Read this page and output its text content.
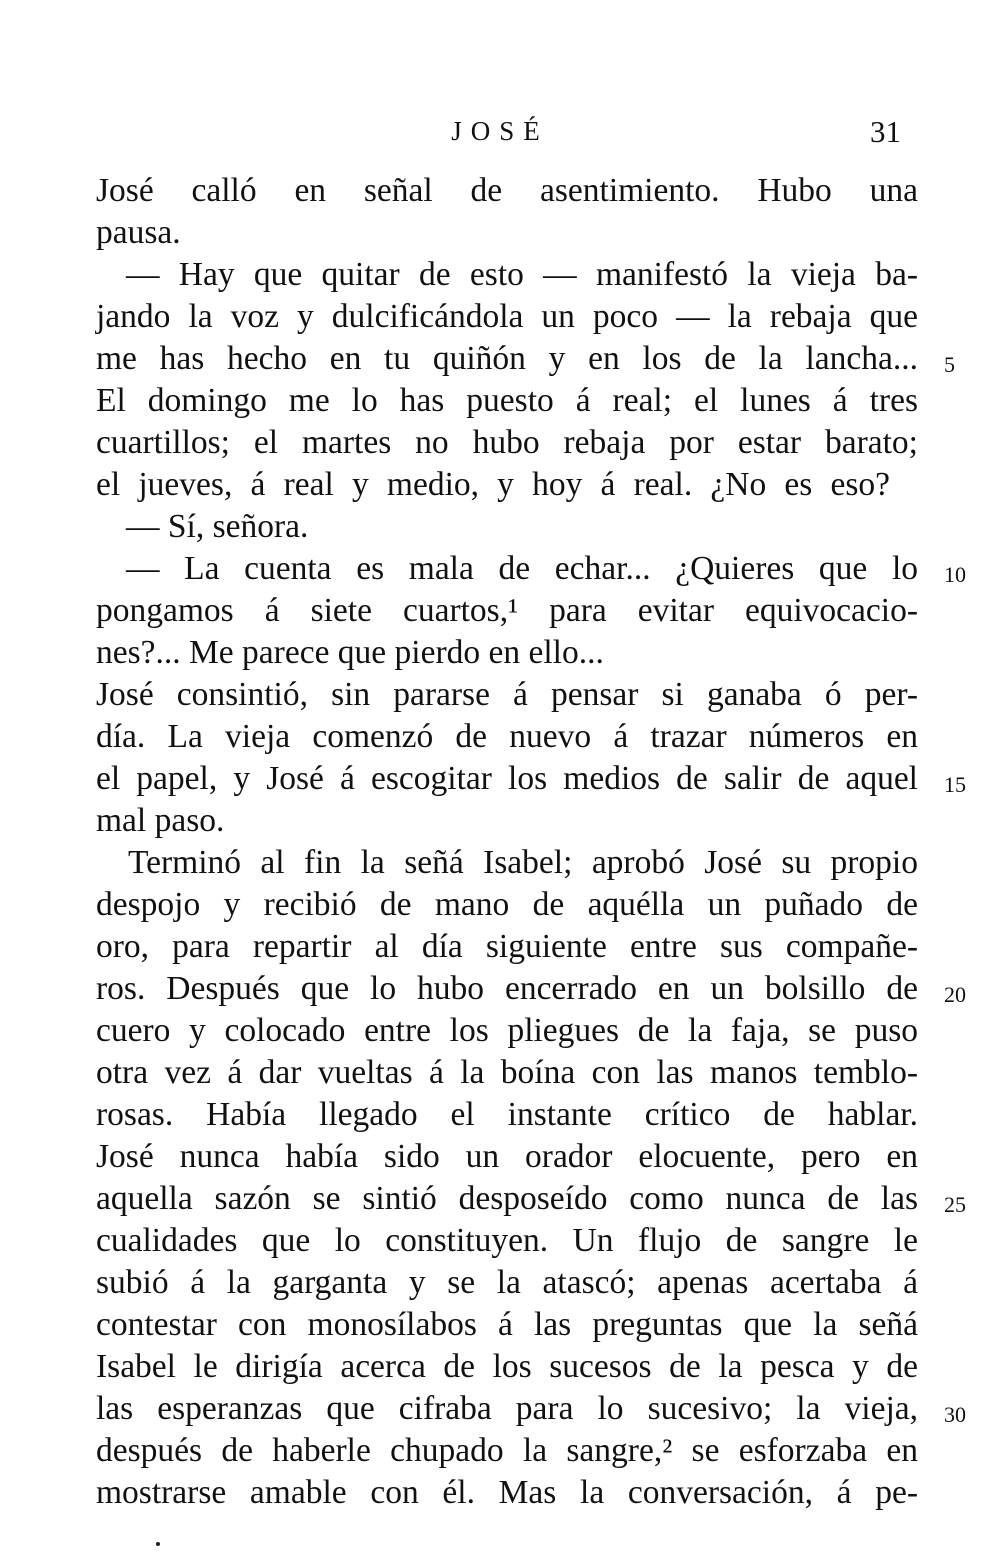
JOSÉ	31
José calló en señal de asentimiento. Hubo una
pausa.
— Hay que quitar de esto — manifestó la vieja ba-
jando la voz y dulcificándola un poco — la rebaja que
me has hecho en tu quiñón y en los de la lancha...
El domingo me lo has puesto á real; el lunes á tres
cuartillos; el martes no hubo rebaja por estar barato;
el jueves, á real y medio, y hoy á real. ¿No es eso?
— Sí, señora.
— La cuenta es mala de echar... ¿Quieres que lo
pongamos á siete cuartos,¹ para evitar equivocacio-
nes?... Me parece que pierdo en ello...
José consintió, sin pararse á pensar si ganaba ó per-
día. La vieja comenzó de nuevo á trazar números en
el papel, y José á escogitar los medios de salir de aquel
mal paso.
Terminó al fin la señá Isabel; aprobó José su propio
despojo y recibió de mano de aquélla un puñado de
oro, para repartir al día siguiente entre sus compañe-
ros. Después que lo hubo encerrado en un bolsillo de
cuero y colocado entre los pliegues de la faja, se puso
otra vez á dar vueltas á la boína con las manos temblo-
rosas. Había llegado el instante crítico de hablar.
José nunca había sido un orador elocuente, pero en
aquella sazón se sintió desposeído como nunca de las
cualidades que lo constituyen. Un flujo de sangre le
subió á la garganta y se la atascó; apenas acertaba á
contestar con monosílabos á las preguntas que la señá
Isabel le dirigía acerca de los sucesos de la pesca y de
las esperanzas que cifraba para lo sucesivo; la vieja,
después de haberle chupado la sangre,² se esforzaba en
mostrarse amable con él. Mas la conversación, á pe-
5
10
15
20
25
30
